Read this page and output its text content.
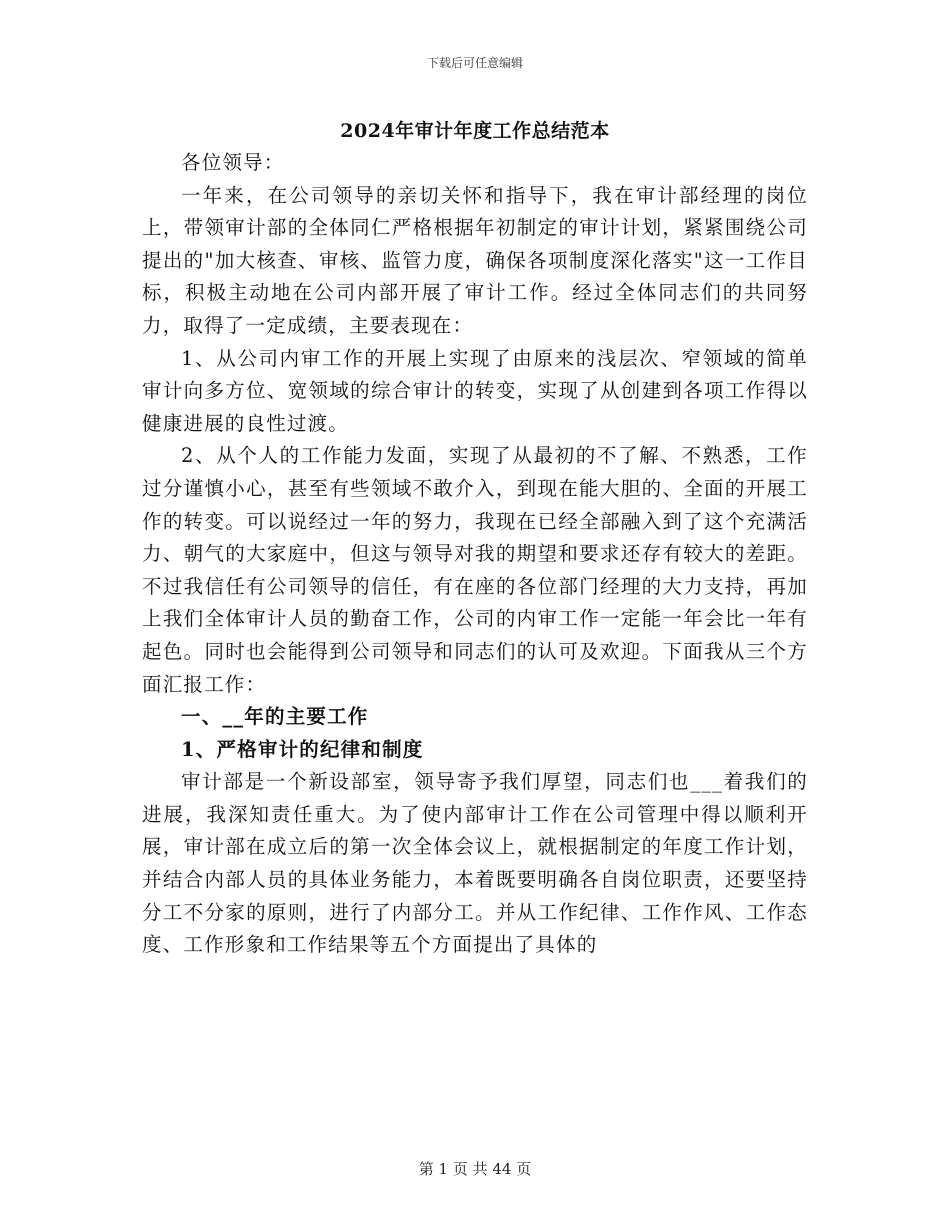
下载后可任意编辑
2024年审计年度工作总结范本

各位领导：

一年来，在公司领导的亲切关怀和指导下，我在审计部经理的岗位上，带领审计部的全体同仁严格根据年初制定的审计计划，紧紧围绕公司提出的"加大核查、审核、监管力度，确保各项制度深化落实"这一工作目标，积极主动地在公司内部开展了审计工作。经过全体同志们的共同努力，取得了一定成绩，主要表现在：

1、从公司内审工作的开展上实现了由原来的浅层次、窄领域的简单审计向多方位、宽领域的综合审计的转变，实现了从创建到各项工作得以健康进展的良性过渡。

2、从个人的工作能力发面，实现了从最初的不了解、不熟悉，工作过分谨慎小心，甚至有些领域不敢介入，到现在能大胆的、全面的开展工作的转变。可以说经过一年的努力，我现在已经全部融入到了这个充满活力、朝气的大家庭中，但这与领导对我的期望和要求还存有较大的差距。不过我信任有公司领导的信任，有在座的各位部门经理的大力支持，再加上我们全体审计人员的勤奋工作，公司的内审工作一定能一年会比一年有起色。同时也会能得到公司领导和同志们的认可及欢迎。下面我从三个方面汇报工作：

一、__年的主要工作

1、严格审计的纪律和制度

审计部是一个新设部室，领导寄予我们厚望，同志们也___着我们的进展，我深知责任重大。为了使内部审计工作在公司管理中得以顺利开展，审计部在成立后的第一次全体会议上，就根据制定的年度工作计划，并结合内部人员的具体业务能力，本着既要明确各自岗位职责，还要坚持分工不分家的原则，进行了内部分工。并从工作纪律、工作作风、工作态度、工作形象和工作结果等五个方面提出了具体的

第 1 页 共 44 页
